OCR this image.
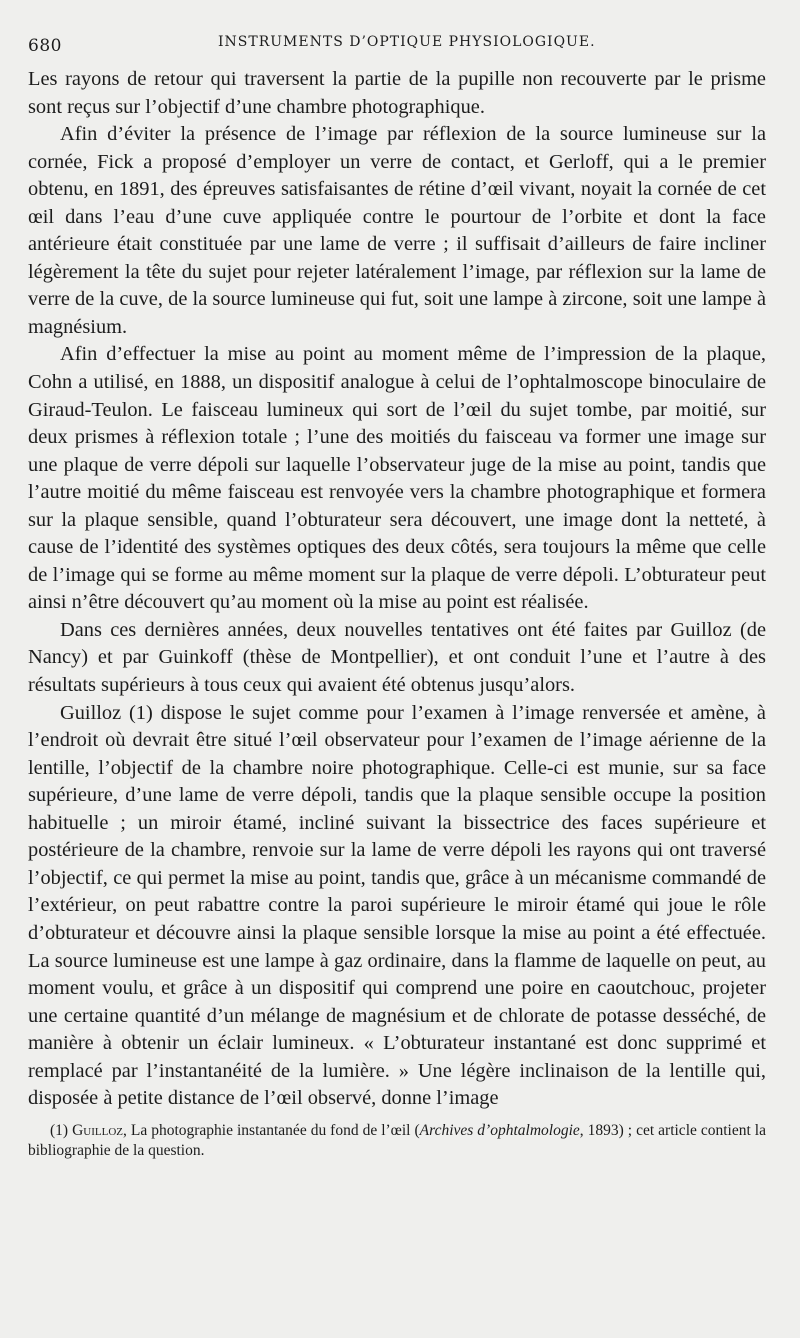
680	INSTRUMENTS D’OPTIQUE PHYSIOLOGIQUE.

Les rayons de retour qui traversent la partie de la pupille non recouverte par le prisme sont reçus sur l’objectif d’une chambre photographique.

Afin d’éviter la présence de l’image par réflexion de la source lumineuse sur la cornée, Fick a proposé d’employer un verre de contact, et Gerloff, qui a le premier obtenu, en 1891, des épreuves satisfaisantes de rétine d’œil vivant, noyait la cornée de cet œil dans l’eau d’une cuve appliquée contre le pourtour de l’orbite et dont la face antérieure était constituée par une lame de verre ; il suffisait d’ailleurs de faire incliner légèrement la tête du sujet pour rejeter latéralement l’image, par réflexion sur la lame de verre de la cuve, de la source lumineuse qui fut, soit une lampe à zircone, soit une lampe à magnésium.

Afin d’effectuer la mise au point au moment même de l’impression de la plaque, Cohn a utilisé, en 1888, un dispositif analogue à celui de l’ophtalmoscope binoculaire de Giraud-Teulon. Le faisceau lumineux qui sort de l’œil du sujet tombe, par moitié, sur deux prismes à réflexion totale ; l’une des moitiés du faisceau va former une image sur une plaque de verre dépoli sur laquelle l’observateur juge de la mise au point, tandis que l’autre moitié du même faisceau est renvoyée vers la chambre photographique et formera sur la plaque sensible, quand l’obturateur sera découvert, une image dont la netteté, à cause de l’identité des systèmes optiques des deux côtés, sera toujours la même que celle de l’image qui se forme au même moment sur la plaque de verre dépoli. L’obturateur peut ainsi n’être découvert qu’au moment où la mise au point est réalisée.

Dans ces dernières années, deux nouvelles tentatives ont été faites par Guilloz (de Nancy) et par Guinkoff (thèse de Montpellier), et ont conduit l’une et l’autre à des résultats supérieurs à tous ceux qui avaient été obtenus jusqu’alors.

Guilloz (1) dispose le sujet comme pour l’examen à l’image renversée et amène, à l’endroit où devrait être situé l’œil observateur pour l’examen de l’image aérienne de la lentille, l’objectif de la chambre noire photographique. Celle-ci est munie, sur sa face supérieure, d’une lame de verre dépoli, tandis que la plaque sensible occupe la position habituelle ; un miroir étamé, incliné suivant la bissectrice des faces supérieure et postérieure de la chambre, renvoie sur la lame de verre dépoli les rayons qui ont traversé l’objectif, ce qui permet la mise au point, tandis que, grâce à un mécanisme commandé de l’extérieur, on peut rabattre contre la paroi supérieure le miroir étamé qui joue le rôle d’obturateur et découvre ainsi la plaque sensible lorsque la mise au point a été effectuée. La source lumineuse est une lampe à gaz ordinaire, dans la flamme de laquelle on peut, au moment voulu, et grâce à un dispositif qui comprend une poire en caoutchouc, projeter une certaine quantité d’un mélange de magnésium et de chlorate de potasse desséché, de manière à obtenir un éclair lumineux. « L’obturateur instantané est donc supprimé et remplacé par l’instantanéité de la lumière. » Une légère inclinaison de la lentille qui, disposée à petite distance de l’œil observé, donne l’image

(1) Guilloz, La photographie instantanée du fond de l’œil (Archives d’ophtalmologie, 1893) ; cet article contient la bibliographie de la question.
